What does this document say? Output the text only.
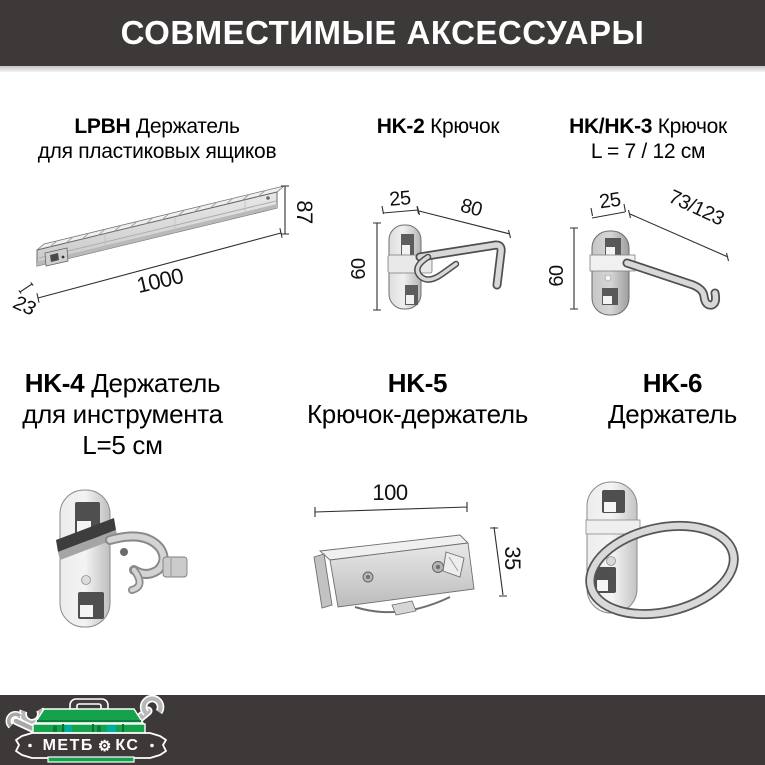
СОВМЕСТИМЫЕ АКСЕССУАРЫ
LPBH Держатель
для пластиковых ящиков
HK-2 Крючок	HK/HK-3 Крючок
L = 7 / 12 см
HK-4 Держатель
для инструмента
L=5 см
HK-5
Крючок-держатель
HK-6
Держатель
1000
87
23
25	80
60
25	73/123
60
100
35
МЕТБ ⚙ КС
